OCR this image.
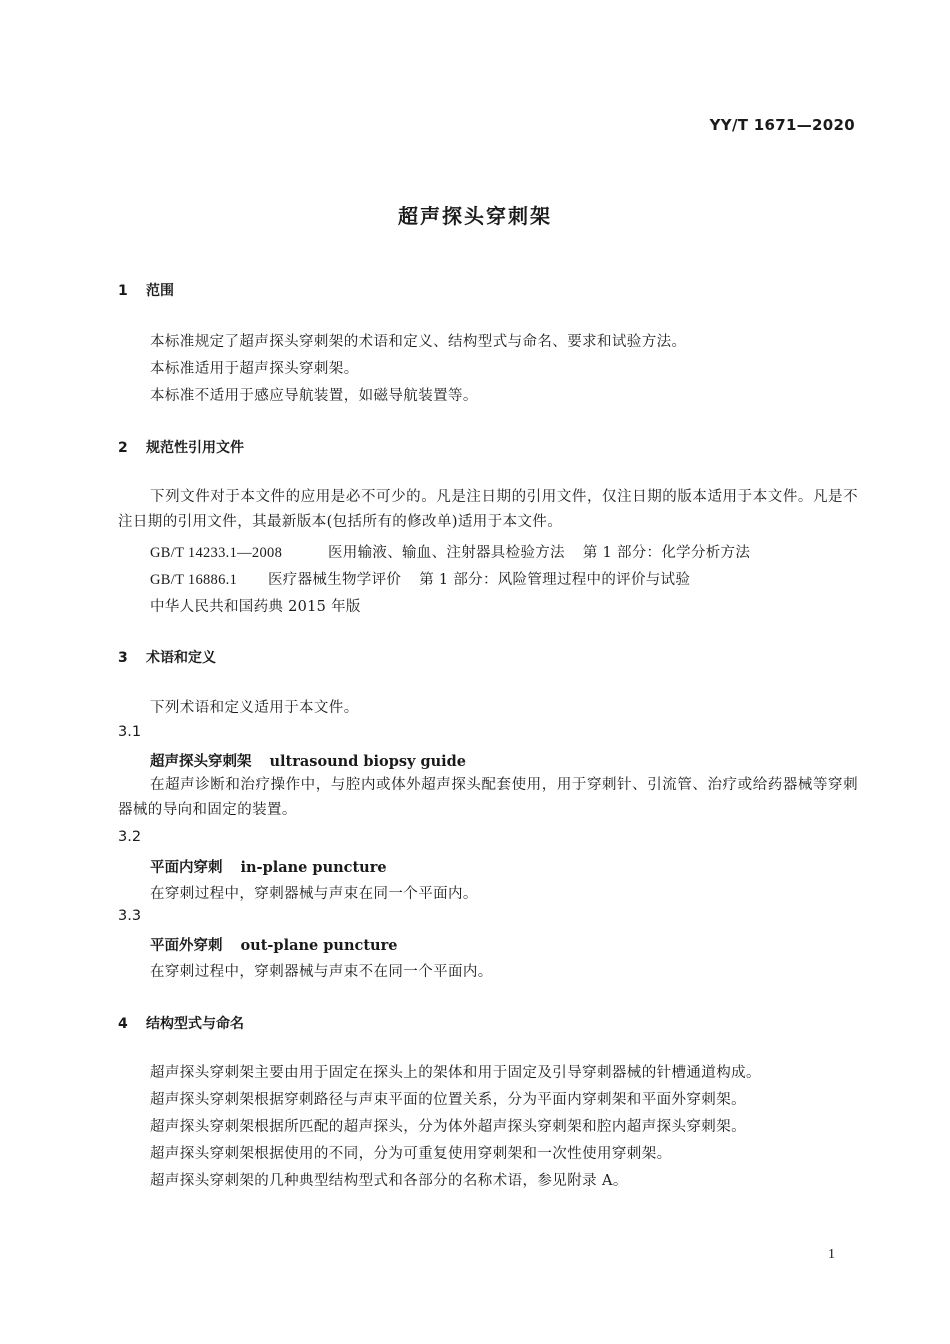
YY/T 1671—2020
超声探头穿刺架
1 范围
本标准规定了超声探头穿刺架的术语和定义、结构型式与命名、要求和试验方法。
本标准适用于超声探头穿刺架。
本标准不适用于感应导航装置，如磁导航装置等。
2 规范性引用文件
下列文件对于本文件的应用是必不可少的。凡是注日期的引用文件，仅注日期的版本适用于本文件。凡是不注日期的引用文件，其最新版本(包括所有的修改单)适用于本文件。
GB/T 14233.1—2008	医用输液、输血、注射器具检验方法 第 1 部分：化学分析方法
GB/T 16886.1 医疗器械生物学评价 第 1 部分：风险管理过程中的评价与试验
中华人民共和国药典 2015 年版
3 术语和定义
下列术语和定义适用于本文件。
3.1
超声探头穿刺架 ultrasound biopsy guide
在超声诊断和治疗操作中，与腔内或体外超声探头配套使用，用于穿刺针、引流管、治疗或给药器械等穿刺器械的导向和固定的装置。
3.2
平面内穿刺 in-plane puncture
在穿刺过程中，穿刺器械与声束在同一个平面内。
3.3
平面外穿刺 out-plane puncture
在穿刺过程中，穿刺器械与声束不在同一个平面内。
4 结构型式与命名
超声探头穿刺架主要由用于固定在探头上的架体和用于固定及引导穿刺器械的针槽通道构成。
超声探头穿刺架根据穿刺路径与声束平面的位置关系，分为平面内穿刺架和平面外穿刺架。
超声探头穿刺架根据所匹配的超声探头，分为体外超声探头穿刺架和腔内超声探头穿刺架。
超声探头穿刺架根据使用的不同，分为可重复使用穿刺架和一次性使用穿刺架。
超声探头穿刺架的几种典型结构型式和各部分的名称术语，参见附录 A。
1
